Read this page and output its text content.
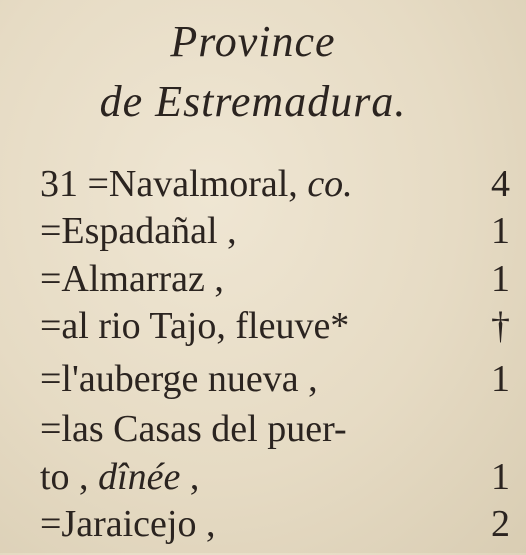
Province
de Estremadura.
31 =Navalmoral, co.	4
=Espadañal ,	1
=Almarraz ,	1
=al rio Tajo, fleuve*	†
=l'auberge nueva ,	1
=las Casas del puer-
to , dînée ,	1
=Jaraicejo ,	2
